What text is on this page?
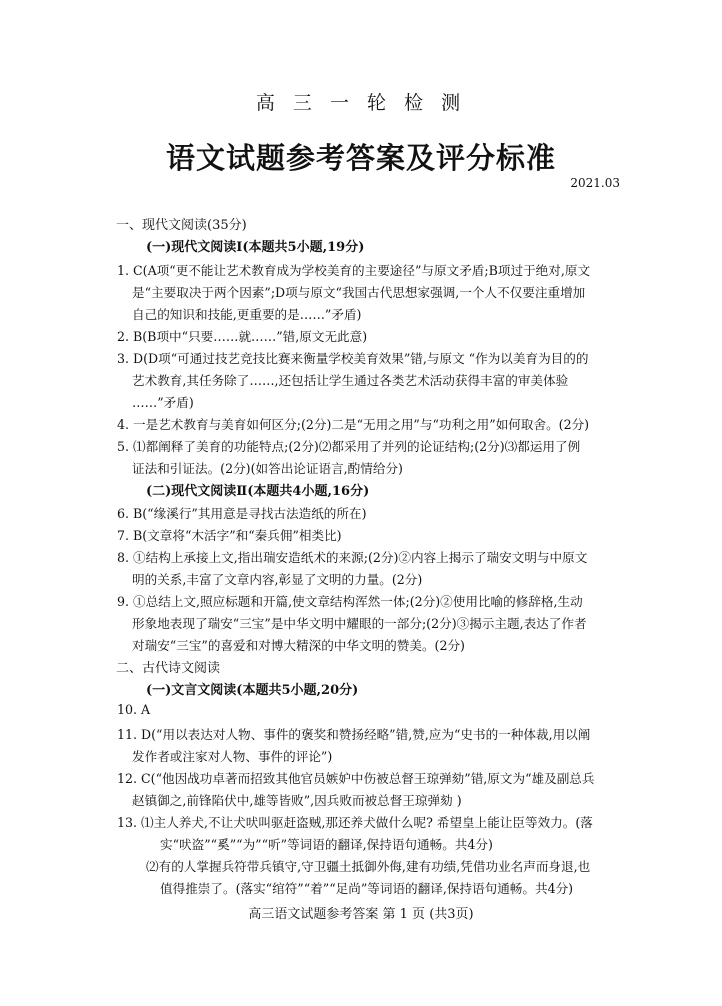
高 三 一 轮 检 测
语文试题参考答案及评分标准
2021.03
一、现代文阅读(35分)
(一)现代文阅读Ⅰ(本题共5小题,19分)
1. C(A项“更不能让艺术教育成为学校美育的主要途径”与原文矛盾;B项过于绝对,原文
是“主要取决于两个因素”;D项与原文“我国古代思想家强调,一个人不仅要注重增加
自己的知识和技能,更重要的是……”矛盾)
2. B(B项中“只要……就……”错,原文无此意)
3. D(D项“可通过技艺竞技比赛来衡量学校美育效果”错,与原文 “作为以美育为目的的
艺术教育,其任务除了……,还包括让学生通过各类艺术活动获得丰富的审美体验
……”矛盾)
4. 一是艺术教育与美育如何区分;(2分)二是“无用之用”与“功利之用”如何取舍。(2分)
5. ⑴都阐释了美育的功能特点;(2分)⑵都采用了并列的论证结构;(2分)⑶都运用了例
证法和引证法。(2分)(如答出论证语言,酌情给分)
(二)现代文阅读Ⅱ(本题共4小题,16分)
6. B(“缘溪行”其用意是寻找古法造纸的所在)
7. B(文章将“木活字”和“秦兵佣”相类比)
8. ①结构上承接上文,指出瑞安造纸术的来源;(2分)②内容上揭示了瑞安文明与中原文
明的关系,丰富了文章内容,彰显了文明的力量。(2分)
9. ①总结上文,照应标题和开篇,使文章结构浑然一体;(2分)②使用比喻的修辞格,生动
形象地表现了瑞安“三宝”是中华文明中耀眼的一部分;(2分)③揭示主题,表达了作者
对瑞安“三宝”的喜爱和对博大精深的中华文明的赞美。(2分)
二、古代诗文阅读
(一)文言文阅读(本题共5小题,20分)
10. A
11. D(“用以表达对人物、事件的褒奖和赞扬经略”错,赞,应为“史书的一种体裁,用以阐
发作者或注家对人物、事件的评论”)
12. C(“他因战功卓著而招致其他官员嫉妒中伤被总督王琼弹劾”错,原文为“雄及副总兵
赵镇御之,前锋陷伏中,雄等皆败”,因兵败而被总督王琼弹劾 )
13. ⑴主人养犬,不让犬吠叫驱赶盗贼,那还养犬做什么呢? 希望皇上能让臣等效力。(落
实“吠盗”“奚”“为”“听”等词语的翻译,保持语句通畅。共4分)
⑵有的人掌握兵符带兵镇守,守卫疆土抵御外侮,建有功绩,凭借功业名声而身退,也
值得推崇了。(落实“绾符”“着”“足尚”等词语的翻译,保持语句通畅。共4分)
高三语文试题参考答案 第 1 页 (共3页)
